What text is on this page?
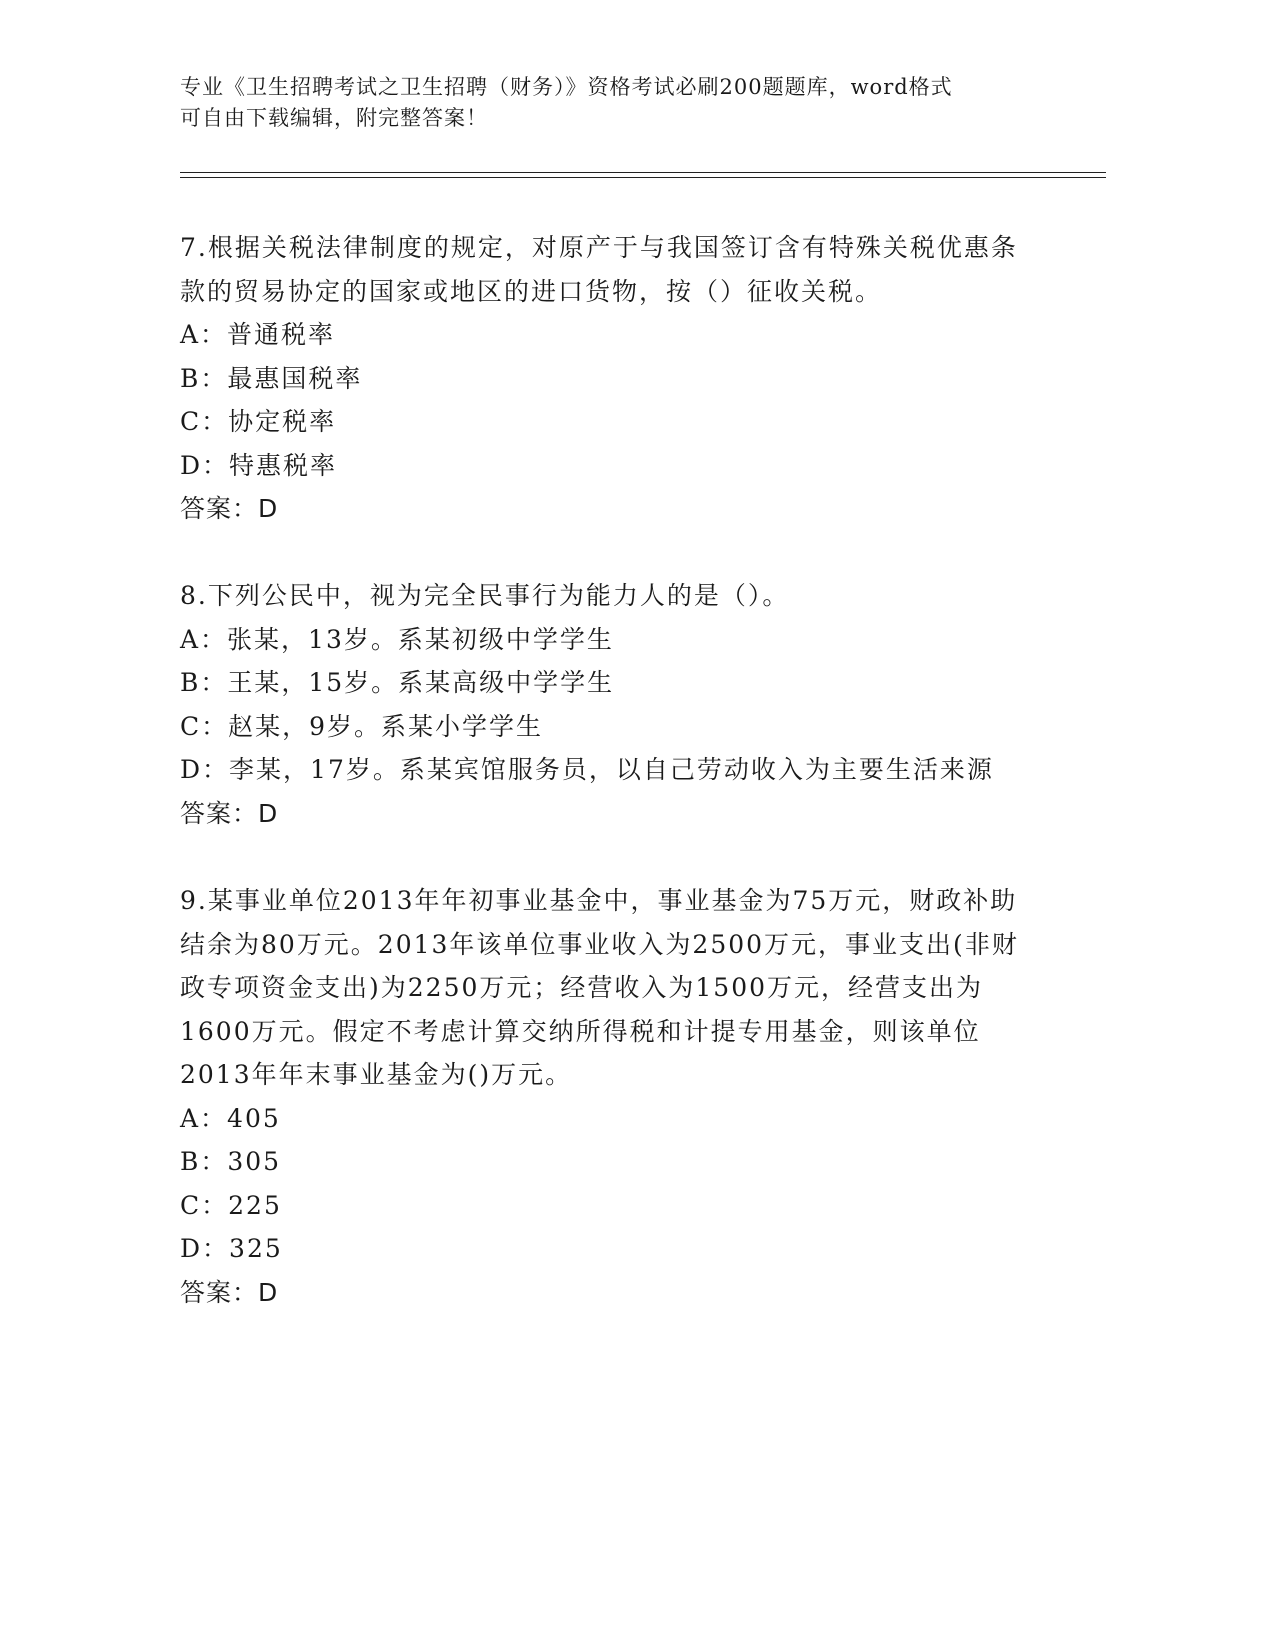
专业《卫生招聘考试之卫生招聘（财务）》资格考试必刷200题题库，word格式

可自由下载编辑，附完整答案！

7.根据关税法律制度的规定，对原产于与我国签订含有特殊关税优惠条款的贸易协定的国家或地区的进口货物，按（）征收关税。

A：普通税率

B：最惠国税率

C：协定税率

D：特惠税率

答案：D

8.下列公民中，视为完全民事行为能力人的是（）。

A：张某，13岁。系某初级中学学生

B：王某，15岁。系某高级中学学生

C：赵某，9岁。系某小学学生

D：李某，17岁。系某宾馆服务员，以自己劳动收入为主要生活来源

答案：D

9.某事业单位2013年年初事业基金中，事业基金为75万元，财政补助结余为80万元。2013年该单位事业收入为2500万元，事业支出(非财政专项资金支出)为2250万元；经营收入为1500万元，经营支出为1600万元。假定不考虑计算交纳所得税和计提专用基金，则该单位2013年年末事业基金为()万元。

A：405

B：305

C：225

D：325

答案：D
